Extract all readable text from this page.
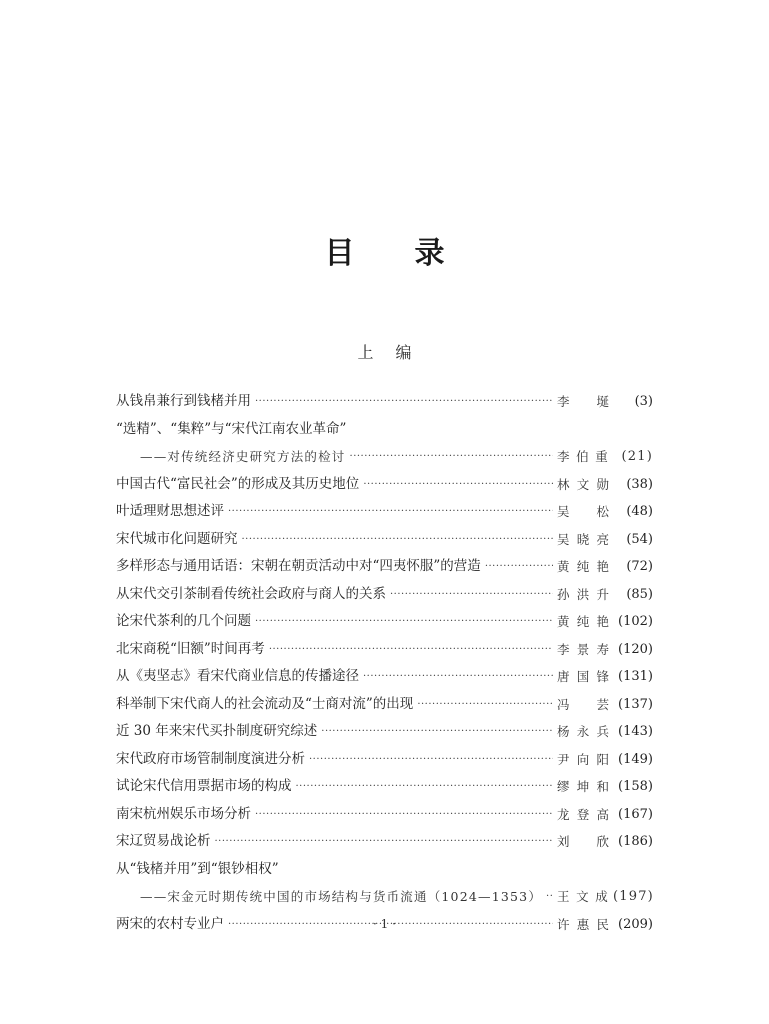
目录
上编
从钱帛兼行到钱楮并用 ·····	李 埏	(3)
“选精”、“集粹”与“宋代江南农业革命”
——对传统经济史研究方法的检讨 ·····	李伯重 (21)
中国古代“富民社会”的形成及其历史地位 ·····	林文勋	(38)
叶适理财思想述评 ·····	吴 松	(48)
宋代城市化问题研究 ·····	吴晓亮	(54)
多样形态与通用话语：宋朝在朝贡活动中对“四夷怀服”的营造 ·····	黄纯艳	(72)
从宋代交引茶制看传统社会政府与商人的关系 ·····	孙洪升	(85)
论宋代茶利的几个问题 ·····	黄纯艳 (102)
北宋商税“旧额”时间再考 ·····	李景寿 (120)
从《夷坚志》看宋代商业信息的传播途径 ·····	唐国锋 (131)
科举制下宋代商人的社会流动及“士商对流”的出现 ·····	冯 芸 (137)
近 30 年来宋代买扑制度研究综述 ·····	杨永兵 (143)
宋代政府市场管制制度演进分析 ·····	尹向阳 (149)
试论宋代信用票据市场的构成 ·····	缪坤和 (158)
南宋杭州娱乐市场分析 ·····	龙登高 (167)
宋辽贸易战论析 ·····	刘 欣 (186)
从“钱楮并用”到“银钞相权”
——宋金元时期传统中国的市场结构与货币流通（1024—1353） ····· 王文成 (197)
两宋的农村专业户 ·····	许惠民 (209)
· 1 ·
